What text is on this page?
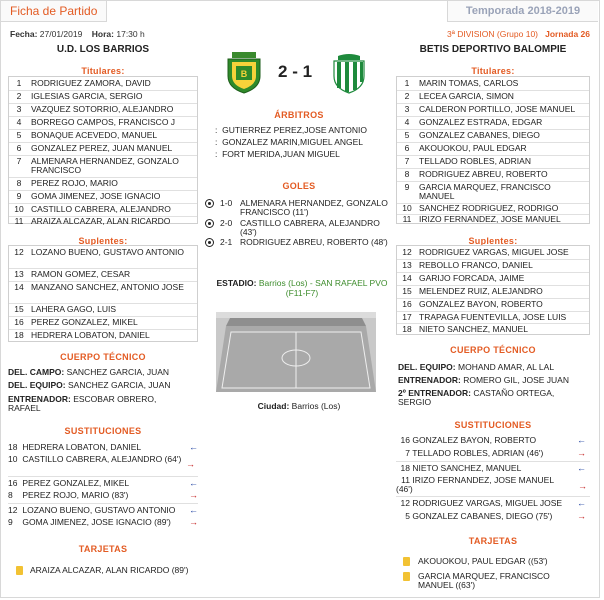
Ficha de Partido	Temporada 2018-2019
Fecha: 27/01/2019 Hora: 17:30 h	3ª DIVISION (Grupo 10) Jornada 26
U.D. LOS BARRIOS	BETIS DEPORTIVO BALOMPIE
B 2 - 1
Titulares:
1	RODRIGUEZ ZAMORA, DAVID
2	IGLESIAS GARCIA, SERGIO
3	VAZQUEZ SOTORRIO, ALEJANDRO
4	BORREGO CAMPOS, FRANCISCO J
5	BONAQUE ACEVEDO, MANUEL
6	GONZALEZ PEREZ, JUAN MANUEL
7	ALMENARA HERNANDEZ, GONZALO FRANCISCO
8	PEREZ ROJO, MARIO
9	GOMA JIMENEZ, JOSE IGNACIO
10 CASTILLO CABRERA, ALEJANDRO
11 ARAIZA ALCAZAR, ALAN RICARDO
Suplentes:
12 LOZANO BUENO, GUSTAVO ANTONIO
13 RAMON GOMEZ, CESAR
14 MANZANO SANCHEZ, ANTONIO JOSE
15 LAHERA GAGO, LUIS
16 PEREZ GONZALEZ, MIKEL
18 HEDRERA LOBATON, DANIEL
CUERPO TÉCNICO
DEL. CAMPO: SANCHEZ GARCIA, JUAN
DEL. EQUIPO: SANCHEZ GARCIA, JUAN
ENTRENADOR: ESCOBAR OBRERO, RAFAEL
SUSTITUCIONES
18 HEDRERA LOBATON, DANIEL	←
10 CASTILLO CABRERA, ALEJANDRO (64') →
16 PEREZ GONZALEZ, MIKEL	←
8 PEREZ ROJO, MARIO (83')	→
12 LOZANO BUENO, GUSTAVO ANTONIO ←
9 GOMA JIMENEZ, JOSE IGNACIO (89') →
TARJETAS
ARAIZA ALCAZAR, ALAN RICARDO (89')
ÁRBITROS
: GUTIERREZ PEREZ,JOSE ANTONIO
: GONZALEZ MARIN,MIGUEL ANGEL
: FORT MERIDA,JUAN MIGUEL
GOLES
1-0 ALMENARA HERNANDEZ, GONZALO FRANCISCO (11')
2-0 CASTILLO CABRERA, ALEJANDRO (43')
2-1 RODRIGUEZ ABREU, ROBERTO (48')
ESTADIO: Barrios (Los) - SAN RAFAEL PVO (F11-F7)
Ciudad: Barrios (Los)
Titulares:
1	MARIN TOMAS, CARLOS
2	LECEA GARCIA, SIMON
3	CALDERON PORTILLO, JOSE MANUEL
4	GONZALEZ ESTRADA, EDGAR
5	GONZALEZ CABANES, DIEGO
6	AKOUOKOU, PAUL EDGAR
7	TELLADO ROBLES, ADRIAN
8	RODRIGUEZ ABREU, ROBERTO
9	GARCIA MARQUEZ, FRANCISCO MANUEL
10 SANCHEZ RODRIGUEZ, RODRIGO
11 IRIZO FERNANDEZ, JOSE MANUEL
Suplentes:
12 RODRIGUEZ VARGAS, MIGUEL JOSE
13 REBOLLO FRANCO, DANIEL
14 GARIJO FORCADA, JAIME
15 MELENDEZ RUIZ, ALEJANDRO
16 GONZALEZ BAYON, ROBERTO
17 TRAPAGA FUENTEVILLA, JOSE LUIS
18 NIETO SANCHEZ, MANUEL
CUERPO TÉCNICO
DEL. EQUIPO: MOHAND AMAR, AL LAL
ENTRENADOR: ROMERO GIL, JOSE JUAN
2º ENTRENADOR: CASTAÑO ORTEGA, SERGIO
SUSTITUCIONES
16 GONZALEZ BAYON, ROBERTO	←
7 TELLADO ROBLES, ADRIAN (46')	→
18 NIETO SANCHEZ, MANUEL	←
11 IRIZO FERNANDEZ, JOSE MANUEL (46')	→
12 RODRIGUEZ VARGAS, MIGUEL JOSE ←
5 GONZALEZ CABANES, DIEGO (75')	→
TARJETAS
AKOUOKOU, PAUL EDGAR ((53')
GARCIA MARQUEZ, FRANCISCO MANUEL ((63')
